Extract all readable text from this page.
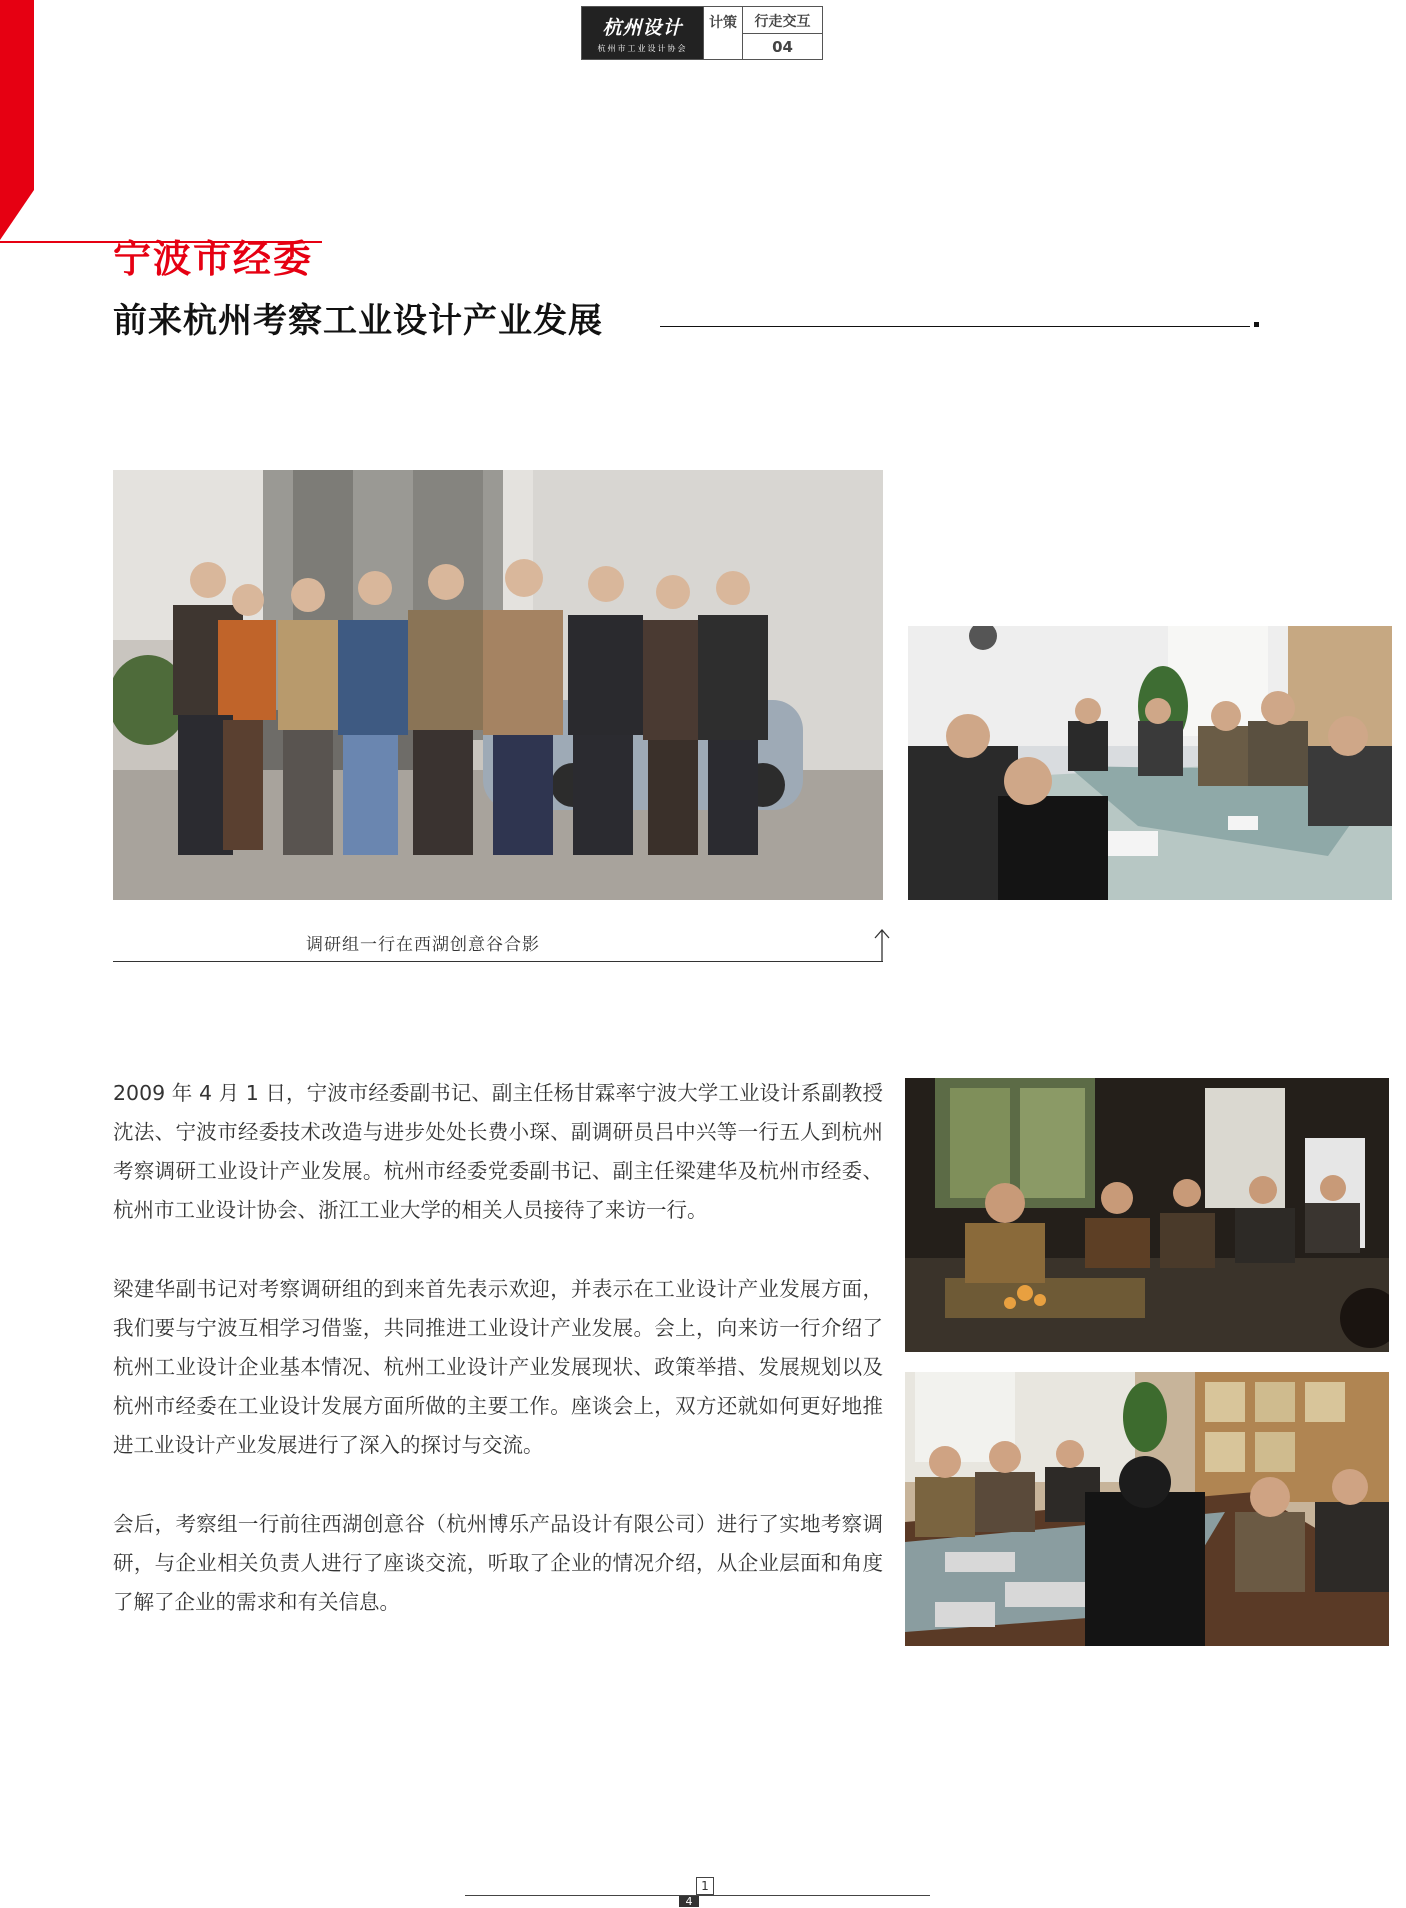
杭州设计
杭州市工业设计协会
计策	行走交互
04
宁波市经委
前来杭州考察工业设计产业发展
调研组一行在西湖创意谷合影

2009 年 4 月 1 日，宁波市经委副书记、副主任杨甘霖率宁波大学工业设计系副教授沈法、宁波市经委技术改造与进步处处长费小琛、副调研员吕中兴等一行五人到杭州考察调研工业设计产业发展。杭州市经委党委副书记、副主任梁建华及杭州市经委、杭州市工业设计协会、浙江工业大学的相关人员接待了来访一行。

梁建华副书记对考察调研组的到来首先表示欢迎，并表示在工业设计产业发展方面，我们要与宁波互相学习借鉴，共同推进工业设计产业发展。会上，向来访一行介绍了杭州工业设计企业基本情况、杭州工业设计产业发展现状、政策举措、发展规划以及杭州市经委在工业设计发展方面所做的主要工作。座谈会上，双方还就如何更好地推进工业设计产业发展进行了深入的探讨与交流。

会后，考察组一行前往西湖创意谷（杭州博乐产品设计有限公司）进行了实地考察调研，与企业相关负责人进行了座谈交流，听取了企业的情况介绍，从企业层面和角度了解了企业的需求和有关信息。

1
4
